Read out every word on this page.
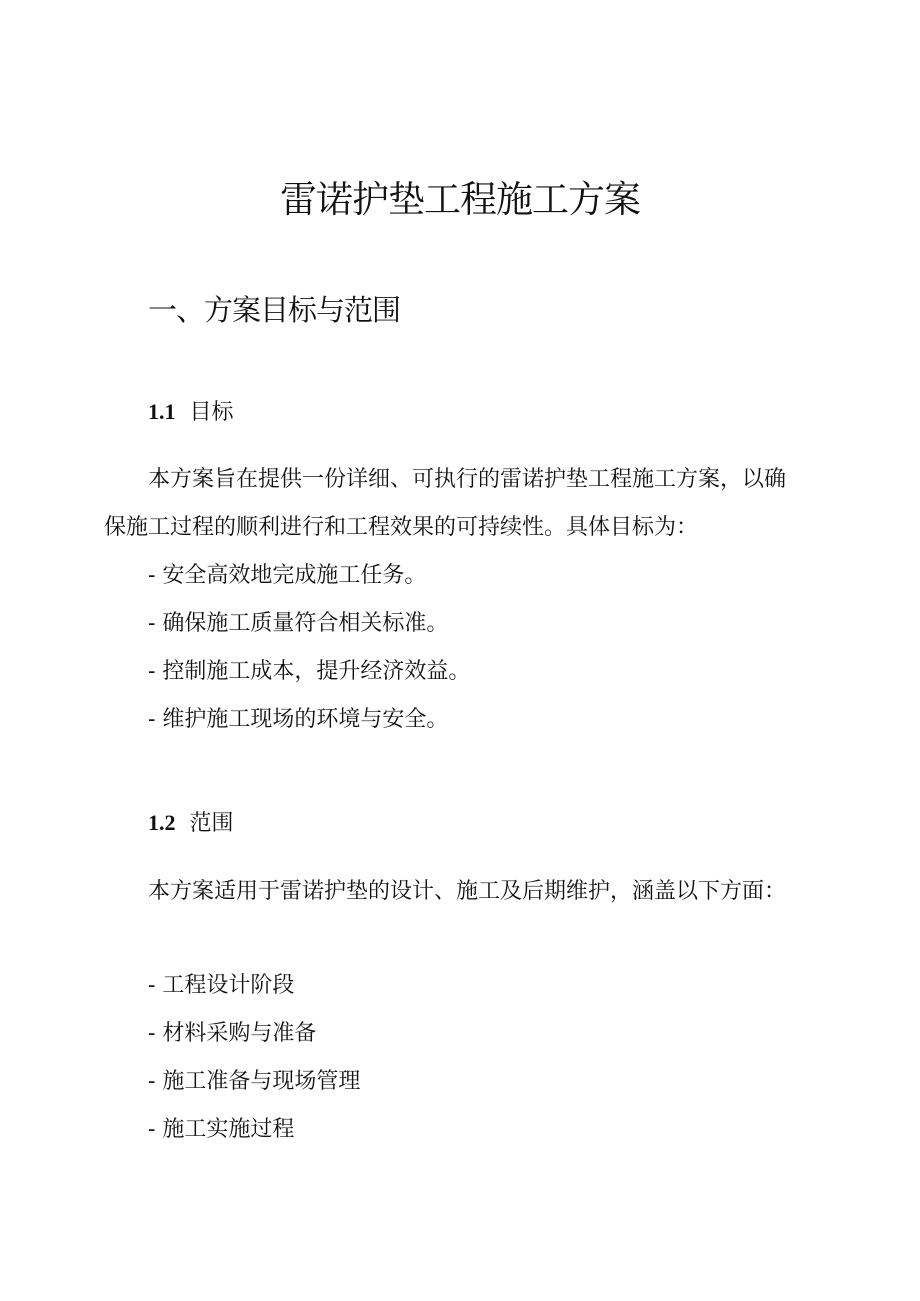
雷诺护垫工程施工方案
一、方案目标与范围
1.1 目标

本方案旨在提供一份详细、可执行的雷诺护垫工程施工方案，以确保施工过程的顺利进行和工程效果的可持续性。具体目标为：

- 安全高效地完成施工任务。
- 确保施工质量符合相关标准。
- 控制施工成本，提升经济效益。
- 维护施工现场的环境与安全。
1.2 范围

本方案适用于雷诺护垫的设计、施工及后期维护，涵盖以下方面：

- 工程设计阶段
- 材料采购与准备
- 施工准备与现场管理
- 施工实施过程
